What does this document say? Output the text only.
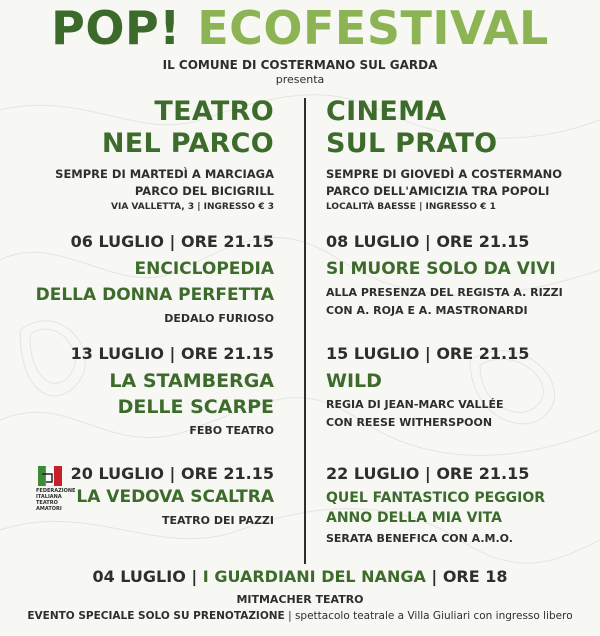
POP! ECOFESTIVAL
IL COMUNE DI COSTERMANO SUL GARDA
presenta
TEATRO
NEL PARCO
SEMPRE DI MARTEDÌ A MARCIAGA
PARCO DEL BICIGRILL
VIA VALLETTA, 3 | INGRESSO € 3
06 LUGLIO | ORE 21.15
ENCICLOPEDIA
DELLA DONNA PERFETTA
DEDALO FURIOSO
13 LUGLIO | ORE 21.15
LA STAMBERGA
DELLE SCARPE
FEBO TEATRO
20 LUGLIO | ORE 21.15
LA VEDOVA SCALTRA
TEATRO DEI PAZZI
CINEMA
SUL PRATO
SEMPRE DI GIOVEDÌ A COSTERMANO
PARCO DELL'AMICIZIA TRA POPOLI
LOCALITÀ BAESSE | INGRESSO € 1
08 LUGLIO | ORE 21.15
SI MUORE SOLO DA VIVI
ALLA PRESENZA DEL REGISTA A. RIZZI
CON A. ROJA E A. MASTRONARDI
15 LUGLIO | ORE 21.15
WILD
REGIA DI JEAN-MARC VALLÉE
CON REESE WITHERSPOON
22 LUGLIO | ORE 21.15
QUEL FANTASTICO PEGGIOR
ANNO DELLA MIA VITA
SERATA BENEFICA CON A.M.O.
FEDERAZIONE
ITALIANA
TEATRO
AMATORI
04 LUGLIO | I GUARDIANI DEL NANGA | ORE 18
MITMACHER TEATRO
EVENTO SPECIALE SOLO SU PRENOTAZIONE | spettacolo teatrale a Villa Giuliari con ingresso libero
